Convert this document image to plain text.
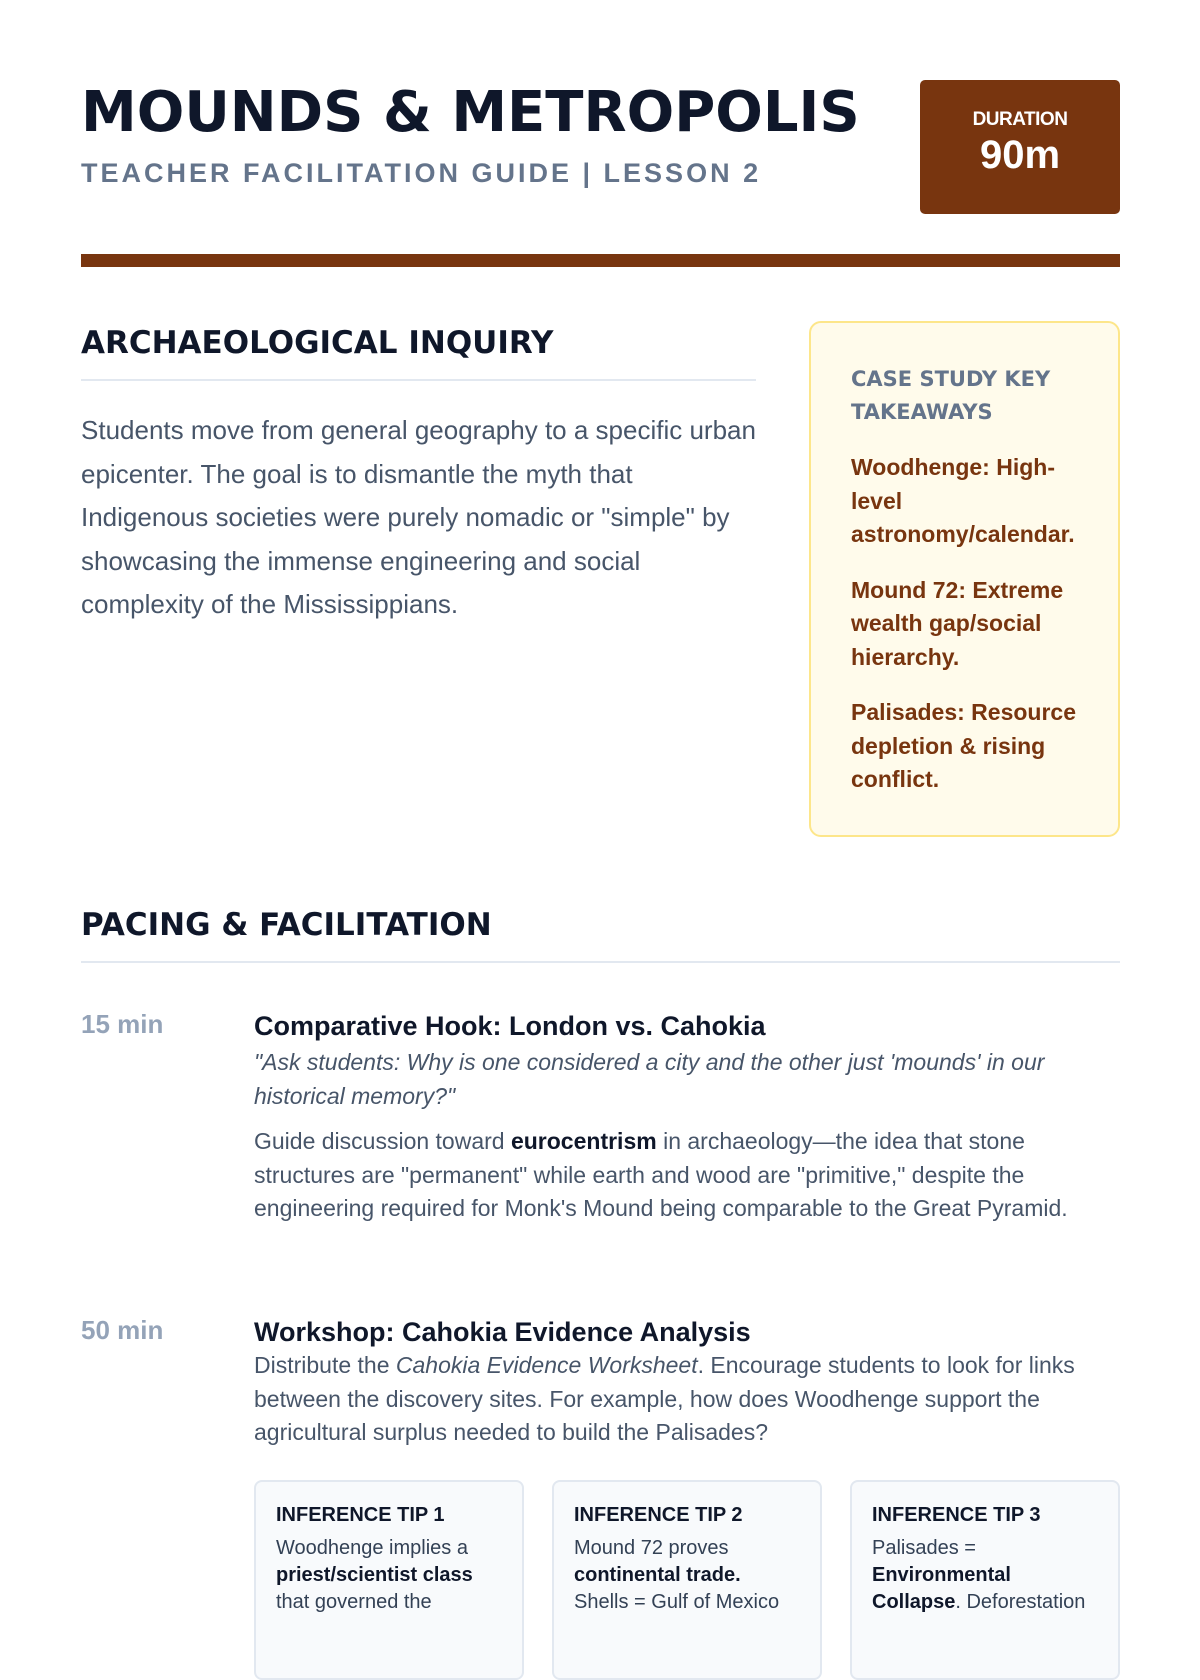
MOUNDS & METROPOLIS
TEACHER FACILITATION GUIDE | LESSON 2
DURATION
90m
ARCHAEOLOGICAL INQUIRY

Students move from general geography to a specific urban epicenter. The goal is to dismantle the myth that Indigenous societies were purely nomadic or "simple" by showcasing the immense engineering and social complexity of the Mississippians.

CASE STUDY KEY TAKEAWAYS
Woodhenge: High-level astronomy/calendar.
Mound 72: Extreme wealth gap/social hierarchy.
Palisades: Resource depletion & rising conflict.
PACING & FACILITATION
15 min	Comparative Hook: London vs. Cahokia
"Ask students: Why is one considered a city and the other just 'mounds' in our historical memory?"
Guide discussion toward eurocentrism in archaeology—the idea that stone structures are "permanent" while earth and wood are "primitive," despite the engineering required for Monk's Mound being comparable to the Great Pyramid.
50 min	Workshop: Cahokia Evidence Analysis
Distribute the Cahokia Evidence Worksheet. Encourage students to look for links between the discovery sites. For example, how does Woodhenge support the agricultural surplus needed to build the Palisades?
INFERENCE TIP 1
Woodhenge implies a priest/scientist class that governed the
INFERENCE TIP 2
Mound 72 proves continental trade. Shells = Gulf of Mexico
INFERENCE TIP 3
Palisades = Environmental Collapse. Deforestation
